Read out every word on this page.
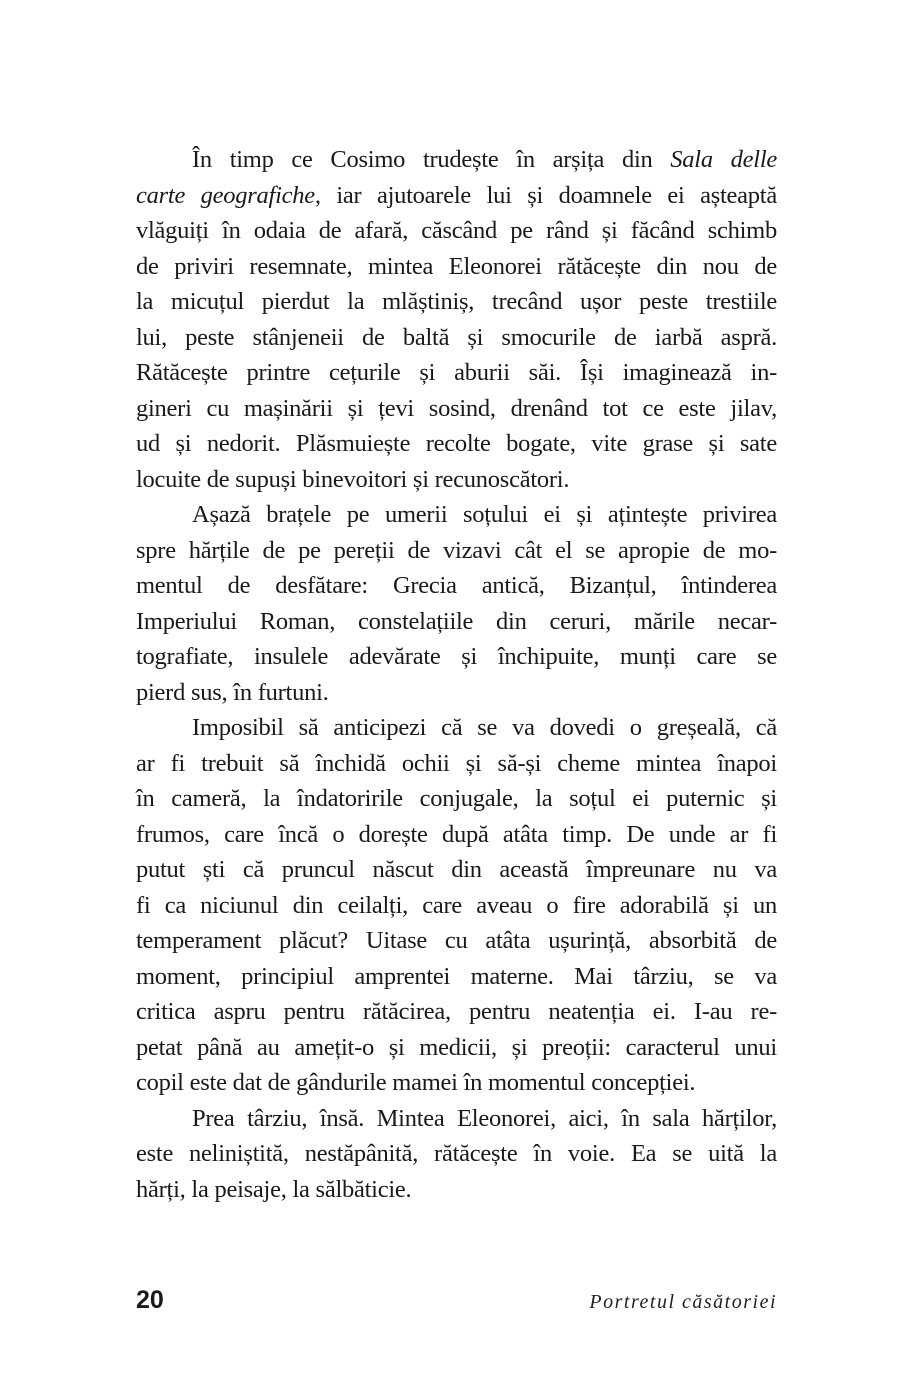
În timp ce Cosimo trudește în arșița din Sala delle
carte geografiche, iar ajutoarele lui și doamnele ei așteaptă
vlăguiți în odaia de afară, căscând pe rând și făcând schimb
de priviri resemnate, mintea Eleonorei rătăcește din nou de
la micuțul pierdut la mlăștiniș, trecând ușor peste trestiile
lui, peste stânjeneii de baltă și smocurile de iarbă aspră.
Rătăcește printre cețurile și aburii săi. Își imaginează in-
gineri cu mașinării și țevi sosind, drenând tot ce este jilav,
ud și nedorit. Plăsmuiește recolte bogate, vite grase și sate
locuite de supuși binevoitori și recunoscători.
Așază brațele pe umerii soțului ei și ațintește privirea
spre hărțile de pe pereții de vizavi cât el se apropie de mo-
mentul de desfătare: Grecia antică, Bizanțul, întinderea
Imperiului Roman, constelațiile din ceruri, mările necar-
tografiate, insulele adevărate și închipuite, munți care se
pierd sus, în furtuni.
Imposibil să anticipezi că se va dovedi o greșeală, că
ar fi trebuit să închidă ochii și să-și cheme mintea înapoi
în cameră, la îndatoririle conjugale, la soțul ei puternic și
frumos, care încă o dorește după atâta timp. De unde ar fi
putut ști că pruncul născut din această împreunare nu va
fi ca niciunul din ceilalți, care aveau o fire adorabilă și un
temperament plăcut? Uitase cu atâta ușurință, absorbită de
moment, principiul amprentei materne. Mai târziu, se va
critica aspru pentru rătăcirea, pentru neatenția ei. I-au re-
petat până au amețit-o și medicii, și preoții: caracterul unui
copil este dat de gândurile mamei în momentul concepției.
Prea târziu, însă. Mintea Eleonorei, aici, în sala hărților,
este neliniștită, nestăpânită, rătăcește în voie. Ea se uită la
hărți, la peisaje, la sălbăticie.
20	Portretul căsătoriei
